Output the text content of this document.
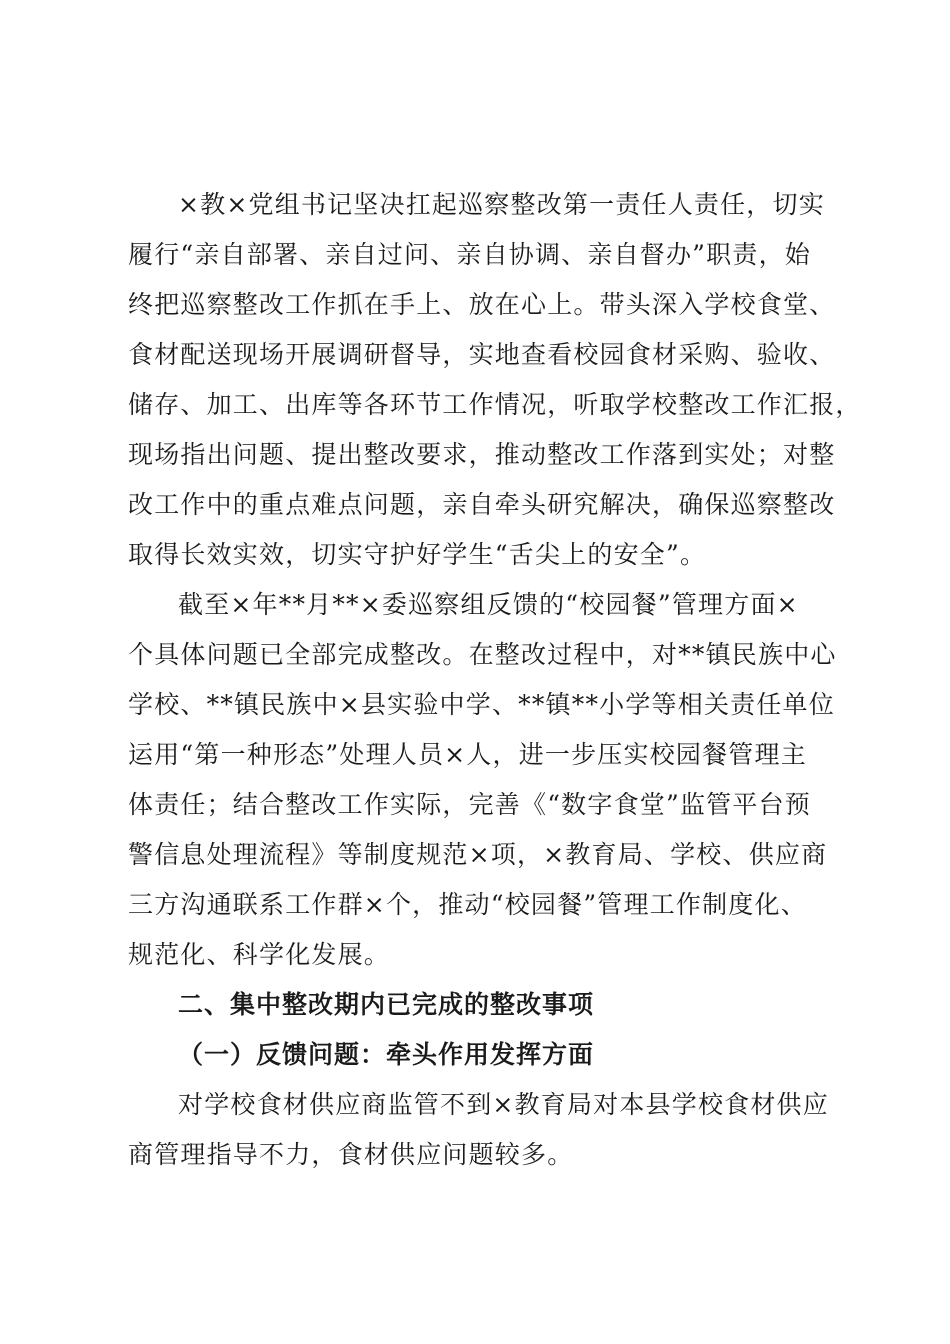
×教×党组书记坚决扛起巡察整改第一责任人责任，切实
履行“亲自部署、亲自过问、亲自协调、亲自督办”职责，始
终把巡察整改工作抓在手上、放在心上。带头深入学校食堂、
食材配送现场开展调研督导，实地查看校园食材采购、验收、
储存、加工、出库等各环节工作情况，听取学校整改工作汇报，
现场指出问题、提出整改要求，推动整改工作落到实处；对整
改工作中的重点难点问题，亲自牵头研究解决，确保巡察整改
取得长效实效，切实守护好学生“舌尖上的安全”。

截至×年**月**×委巡察组反馈的“校园餐”管理方面×
个具体问题已全部完成整改。在整改过程中，对**镇民族中心
学校、**镇民族中×县实验中学、**镇**小学等相关责任单位
运用“第一种形态”处理人员×人，进一步压实校园餐管理主
体责任；结合整改工作实际，完善《“数字食堂”监管平台预
警信息处理流程》等制度规范×项，×教育局、学校、供应商
三方沟通联系工作群×个，推动“校园餐”管理工作制度化、
规范化、科学化发展。

二、集中整改期内已完成的整改事项
（一）反馈问题：牵头作用发挥方面

对学校食材供应商监管不到×教育局对本县学校食材供应
商管理指导不力，食材供应问题较多。
